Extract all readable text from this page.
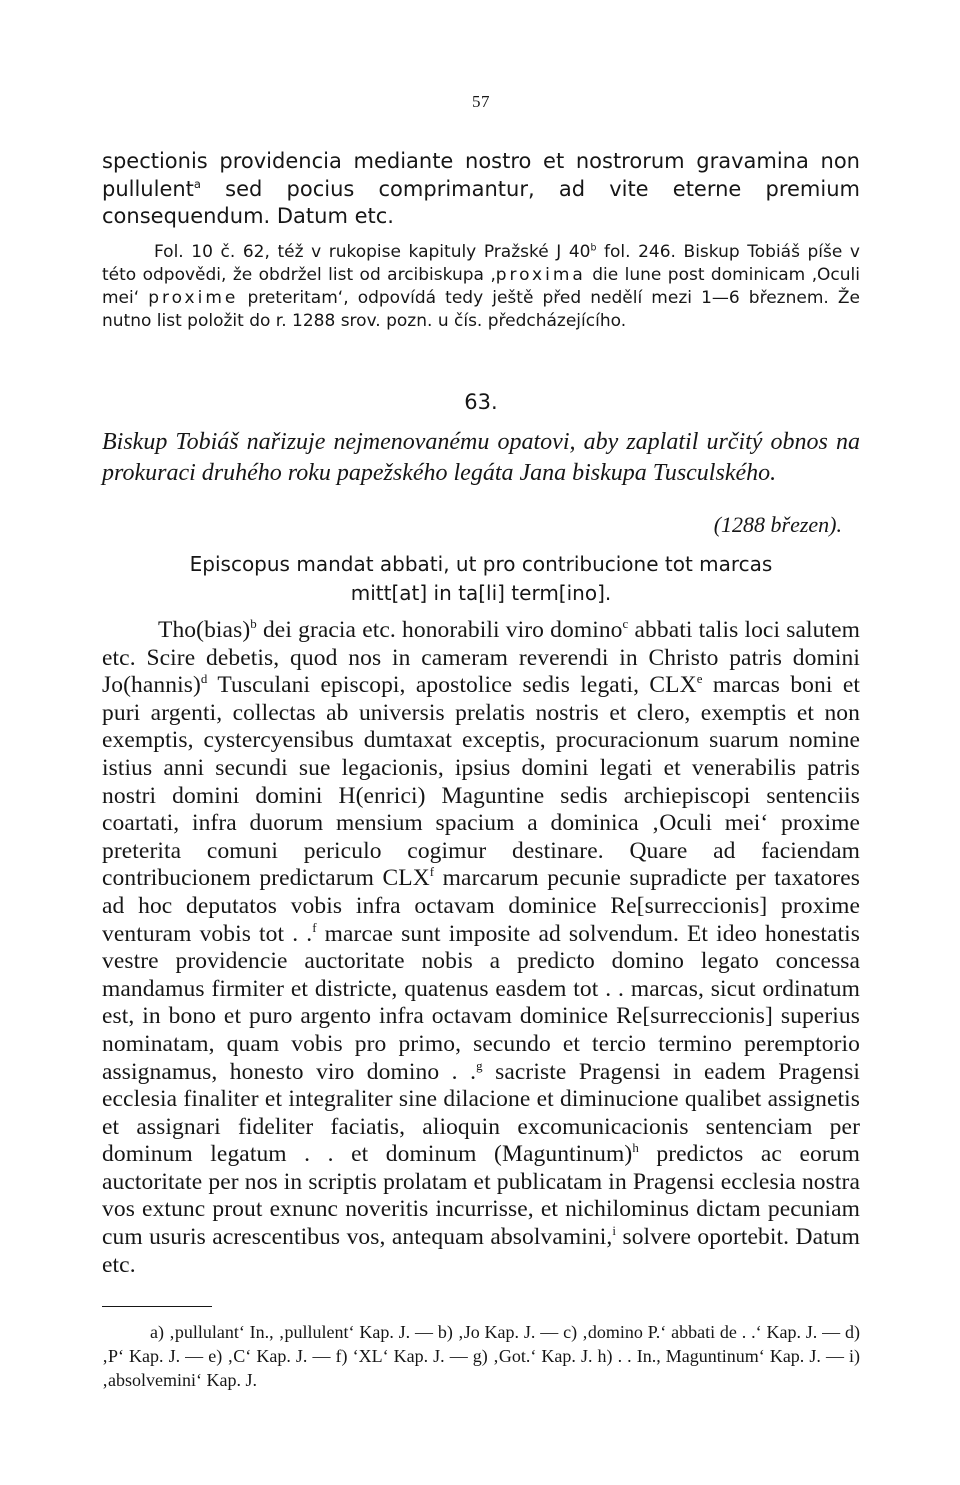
57

spectionis providencia mediante nostro et nostrorum gravamina non pullulent$^a$ sed pocius comprimantur, ad vite eterne premium consequendum. Datum etc.

Fol. 10 č. 62, též v rukopise kapituly Pražské J 40$^b$ fol. 246. Biskup Tobiáš píše v této odpovědi, že obdržel list od arcibiskupa ‚proxima die lune post dominicam ‚Oculi mei‘ proxime preteritam‘, odpovídá tedy ještě před nedělí mezi 1—6 březnem. Že nutno list položit do r. 1288 srov. pozn. u čís. předcházejícího.

63.

Biskup Tobiáš nařizuje nejmenovanému opatovi, aby zaplatil určitý obnos na prokuraci druhého roku papežského legáta Jana biskupa Tusculského.

(1288 březen).

Episcopus mandat abbati, ut pro contribucione tot marcas

mitt[at] in ta[li] term[ino].

Tho(bias)$^b$ dei gracia etc. honorabili viro domino$^c$ abbati talis loci salutem etc. Scire debetis, quod nos in cameram reverendi in Christo patris domini Jo(hannis)$^d$ Tusculani episcopi, apostolice sedis legati, CLXe marcas boni et puri argenti, collectas ab universis prelatis nostris et clero, exemptis et non exemptis, cystercyensibus dumtaxat exceptis, procuracionum suarum nomine istius anni secundi sue legacionis, ipsius domini legati et venerabilis patris nostri domini domini H(enrici) Maguntine sedis archiepiscopi sentenciis coartati, infra duorum mensium spacium a dominica ‚Oculi mei‘ proxime preterita comuni periculo cogimur destinare. Quare ad faciendam contribucionem predictarum CLX$^f$ marcarum pecunie supradicte per taxatores ad hoc deputatos vobis infra octavam dominice Re[surreccionis] proxime venturam vobis tot . .$^f$ marcae sunt imposite ad solvendum. Et ideo honestatis vestre providencie auctoritate nobis a predicto domino legato concessa mandamus firmiter et districte, quatenus easdem tot . . marcas, sicut ordinatum est, in bono et puro argento infra octavam dominice Re[surreccionis] superius nominatam, quam vobis pro primo, secundo et tercio termino peremptorio assignamus, honesto viro domino . .$^g$ sacriste Pragensi in eadem Pragensi ecclesia finaliter et integraliter sine dilacione et diminucione qualibet assignetis et assignari fideliter faciatis, alioquin excomunicacionis sentenciam per dominum legatum . . et dominum (Maguntinum)$^h$ predictos ac eorum auctoritate per nos in scriptis prolatam et publicatam in Pragensi ecclesia nostra vos extunc prout exnunc noveritis incurrisse, et nichilominus dictam pecuniam cum usuris acrescentibus vos, antequam absolvamini,$^i$ solvere oportebit. Datum etc.

a) ‚pullulant‘ In., ‚pullulent‘ Kap. J. — b) ‚Jo Kap. J. — c) ‚domino P.‘ abbati de . .‘ Kap. J. — d) ‚P‘ Kap. J. — e) ‚C‘ Kap. J. — f) ‘XL‘ Kap. J. — g) ‚Got.‘ Kap. J. h) . . In., Maguntinum‘ Kap. J. — i) ‚absolvemini‘ Kap. J.
